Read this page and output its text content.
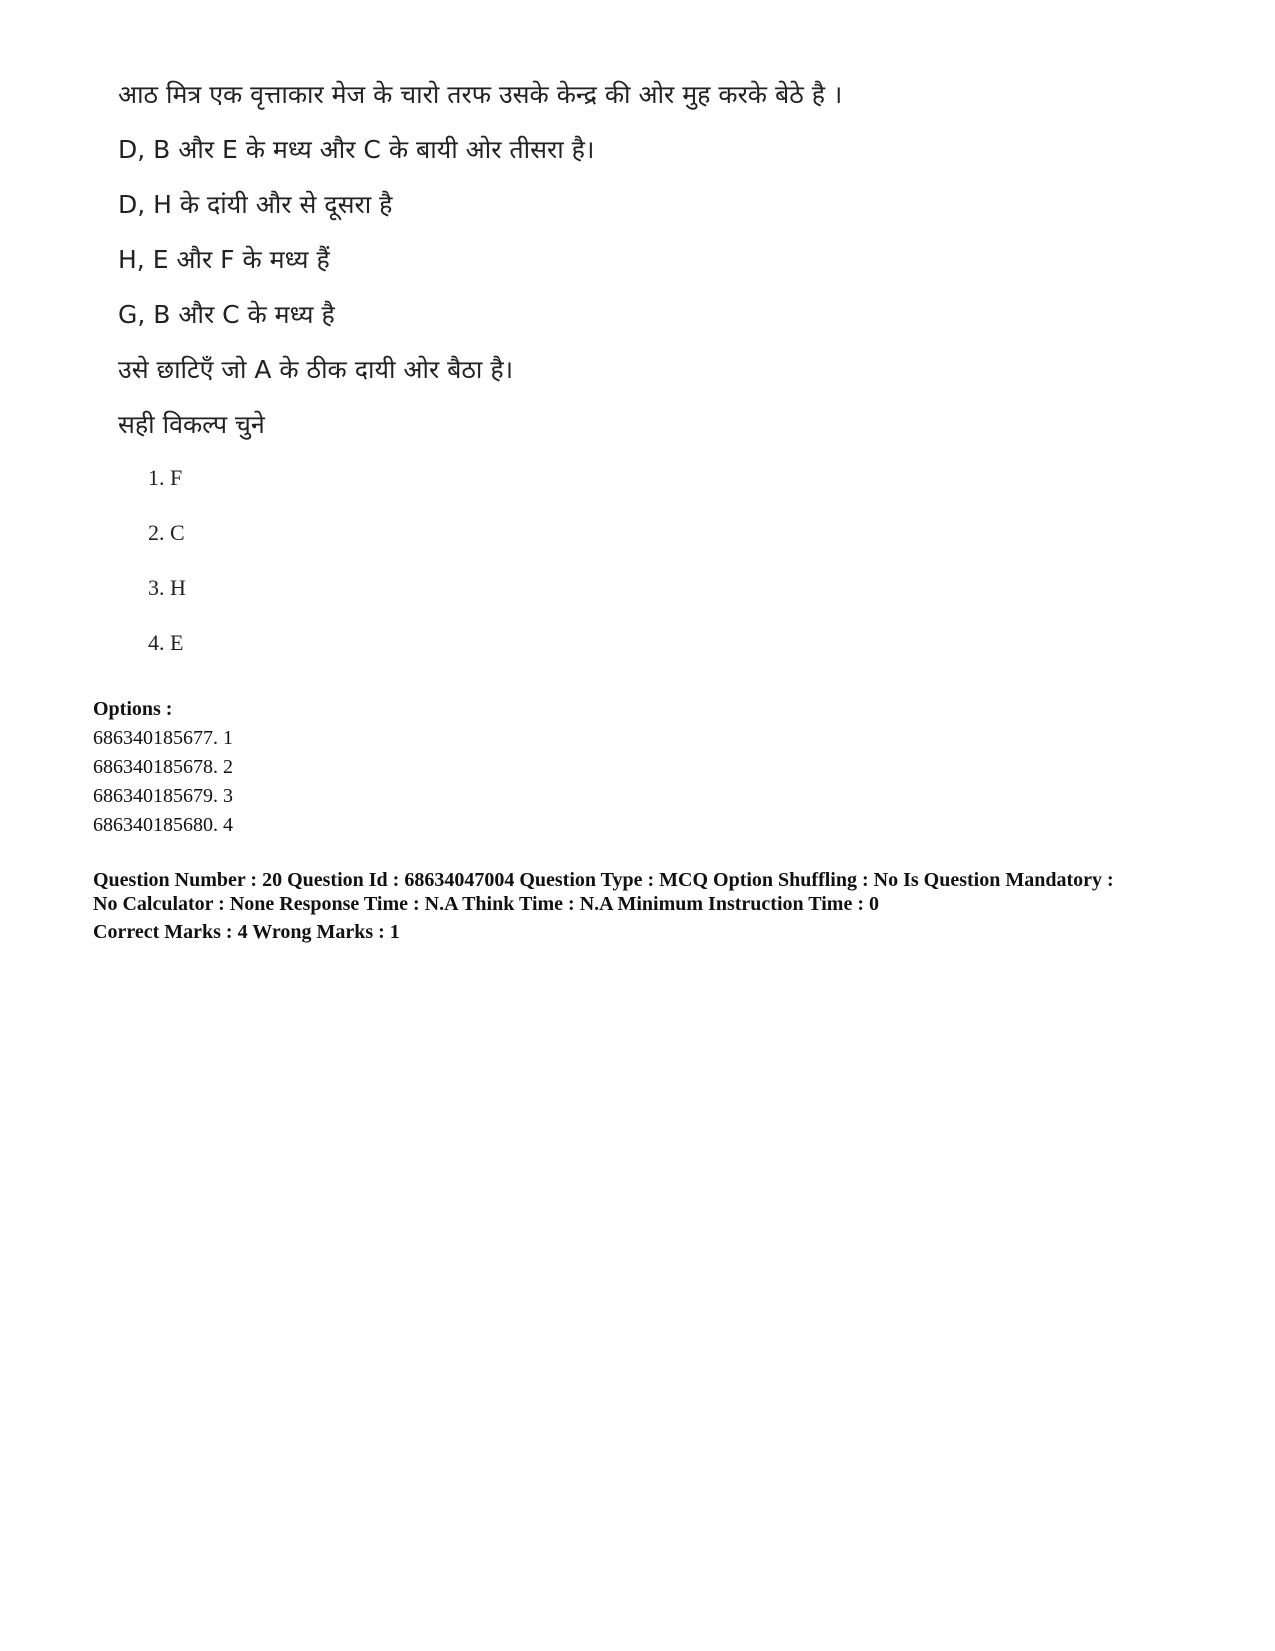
आठ मित्र एक वृत्ताकार मेज के चारो तरफ उसके केन्द्र की ओर मुह करके बेठे है ।

D, B और E के मध्य और C के बायी ओर तीसरा है।

D, H के दांयी और से दूसरा है

H, E और F के मध्य हैं

G, B और C के मध्य है

उसे छाटिएँ जो A के ठीक दायी ओर बैठा है।

सही विकल्प चुने

1. F
2. C
3. H
4. E

Options :

686340185677. 1

686340185678. 2

686340185679. 3

686340185680. 4

Question Number : 20 Question Id : 68634047004 Question Type : MCQ Option Shuffling : No Is Question Mandatory :

No Calculator : None Response Time : N.A Think Time : N.A Minimum Instruction Time : 0

Correct Marks : 4 Wrong Marks : 1
